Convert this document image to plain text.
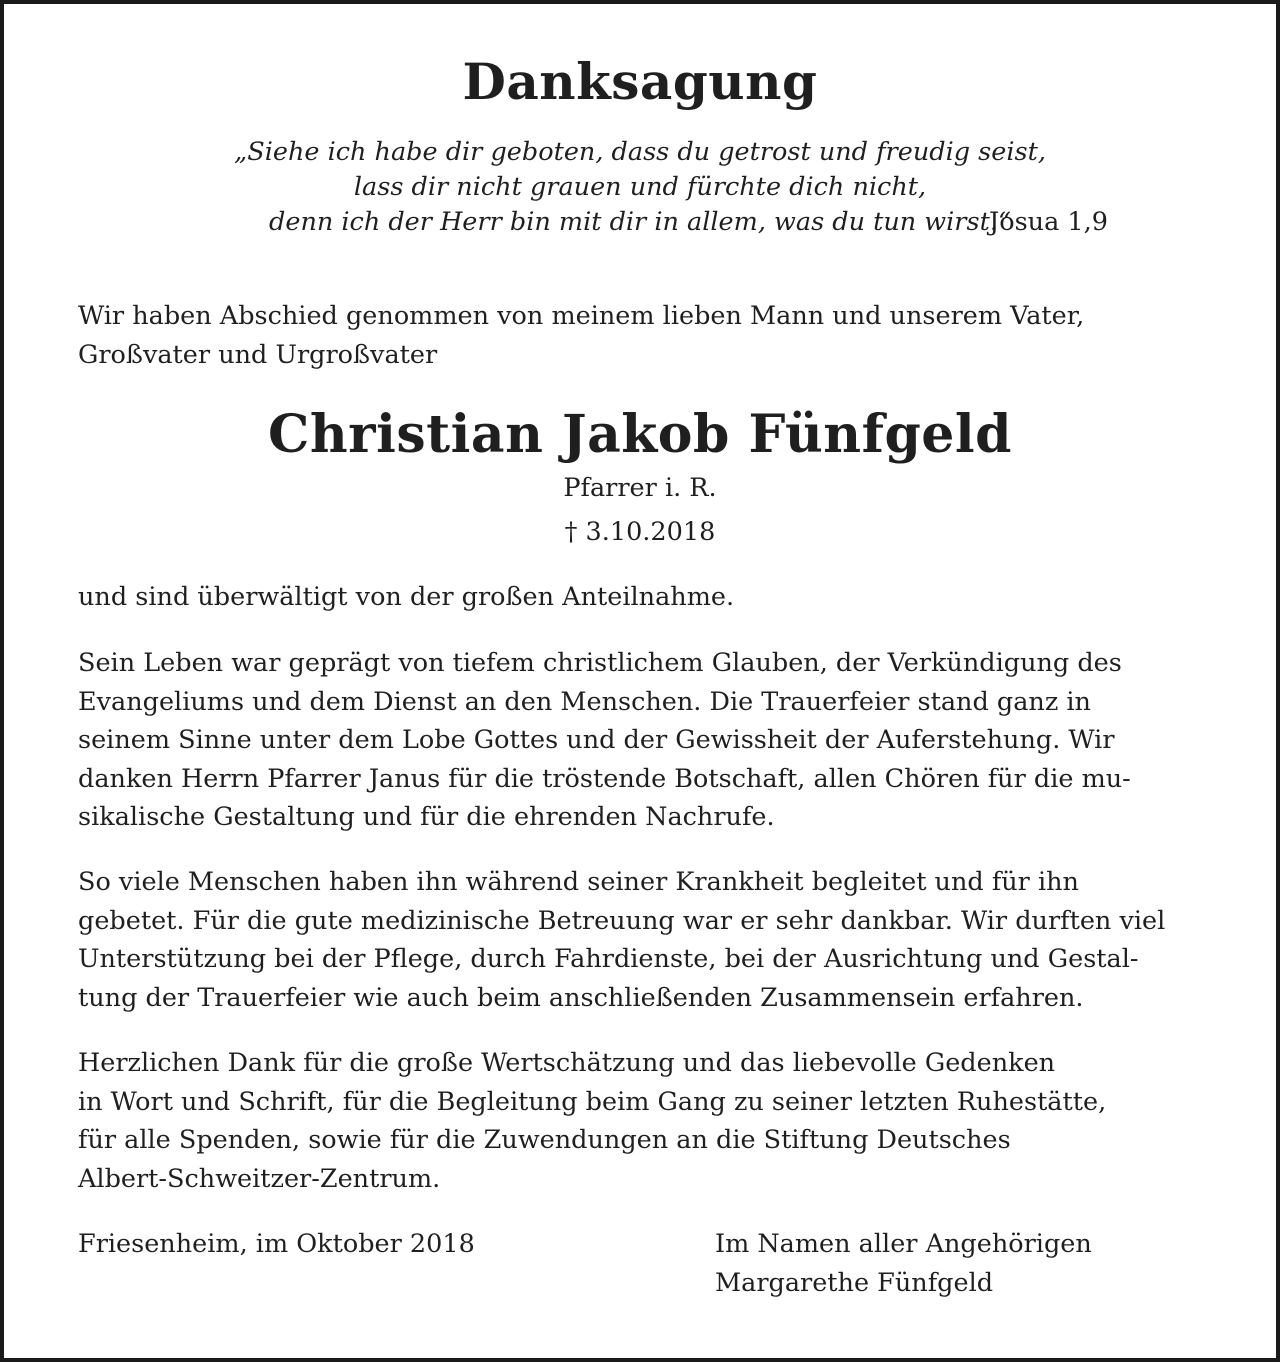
Danksagung
„Siehe ich habe dir geboten, dass du getrost und freudig seist,
lass dir nicht grauen und fürchte dich nicht,
denn ich der Herr bin mit dir in allem, was du tun wirst.“
Josua 1,9
Wir haben Abschied genommen von meinem lieben Mann und unserem Vater,
Großvater und Urgroßvater
Christian Jakob Fünfgeld
Pfarrer i. R.
† 3.10.2018
und sind überwältigt von der großen Anteilnahme.
Sein Leben war geprägt von tiefem christlichem Glauben, der Verkündigung des
Evangeliums und dem Dienst an den Menschen. Die Trauerfeier stand ganz in
seinem Sinne unter dem Lobe Gottes und der Gewissheit der Auferstehung. Wir
danken Herrn Pfarrer Janus für die tröstende Botschaft, allen Chören für die mu-
sikalische Gestaltung und für die ehrenden Nachrufe.
So viele Menschen haben ihn während seiner Krankheit begleitet und für ihn
gebetet. Für die gute medizinische Betreuung war er sehr dankbar. Wir durften viel
Unterstützung bei der Pflege, durch Fahrdienste, bei der Ausrichtung und Gestal-
tung der Trauerfeier wie auch beim anschließenden Zusammensein erfahren.
Herzlichen Dank für die große Wertschätzung und das liebevolle Gedenken
in Wort und Schrift, für die Begleitung beim Gang zu seiner letzten Ruhestätte,
für alle Spenden, sowie für die Zuwendungen an die Stiftung Deutsches
Albert-Schweitzer-Zentrum.
Friesenheim, im Oktober 2018	Im Namen aller Angehörigen
Margarethe Fünfgeld
